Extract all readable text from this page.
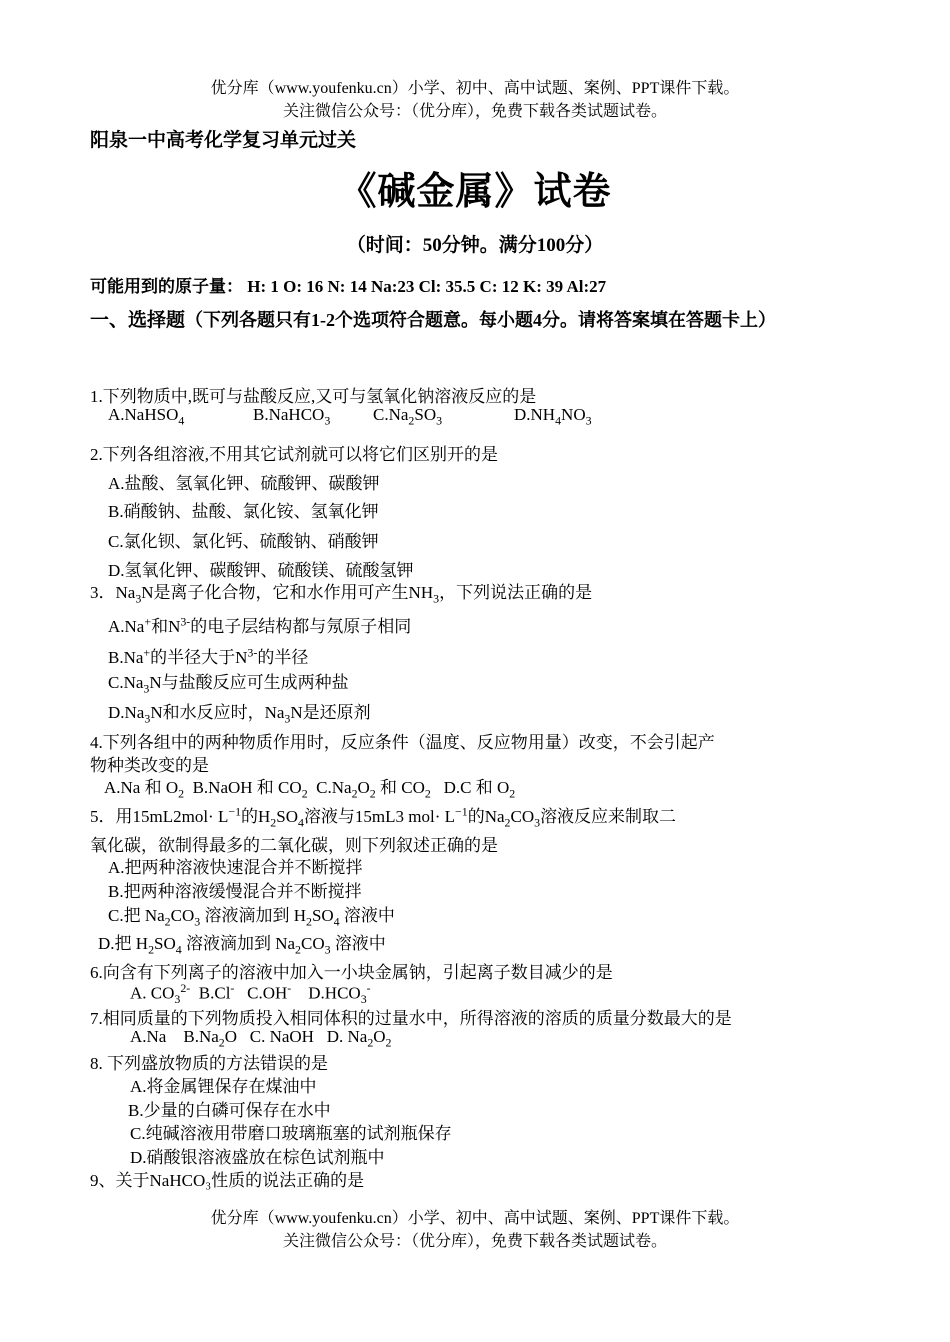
优分库（www.youfenku.cn）小学、初中、高中试题、案例、PPT课件下载。
关注微信公众号：（优分库），免费下载各类试题试卷。
阳泉一中高考化学复习单元过关
《碱金属》试卷
（时间：50分钟。满分100分）
可能用到的原子量： H: 1 O: 16 N: 14 Na:23 Cl: 35.5 C: 12 K: 39 Al:27
一、选择题（下列各题只有1-2个选项符合题意。每小题4分。请将答案填在答题卡上）
1.下列物质中,既可与盐酸反应,又可与氢氧化钠溶液反应的是
A.NaHSO$_4$	B.NaHCO$_3$	$C.Na_2SO_3$	$D.NH_4NO_3$
2.下列各组溶液,不用其它试剂就可以将它们区别开的是
A.盐酸、氢氧化钾、硫酸钾、碳酸钾
B.硝酸钠、盐酸、氯化铵、氢氧化钾
C.氯化钡、氯化钙、硫酸钠、硝酸钾
D.氢氧化钾、碳酸钾、硫酸镁、硫酸氢钾
3．$Na_3N$是离子化合物，它和水作用可产生$NH_3$，下列说法正确的是
A.Na+和$N^{3-}$的电子层结构都与氖原子相同
B.Na+的半径大于$N^{3-}$的半径
$C.Na_3N$与盐酸反应可生成两种盐
$D.Na_3N$和水反应时，$Na_3N$是还原剂
4.下列各组中的两种物质作用时，反应条件（温度、反应物用量）改变，不会引起产
物种类改变的是
A.Na 和 $O_2$  B.NaOH 和 $CO_2$  $C.Na_2O_2$ 和 $CO_2$   D.C 和 $O_2$
5．用$15mL2mol\cdot L^{-1}$的$H_2SO_4$溶液与15mL3 $mol\cdot L^{-1}$的$Na_2CO_3$溶液反应来制取二
氧化碳，欲制得最多的二氧化碳，则下列叙述正确的是
A.把两种溶液快速混合并不断搅拌
B.把两种溶液缓慢混合并不断搅拌
C.把 $Na_2CO_3$ 溶液滴加到 $H_2SO_4$ 溶液中
D.把 $H_2SO_4$ 溶液滴加到 $Na_2CO_3$ 溶液中
6.向含有下列离子的溶液中加入一小块金属钠，引起离子数目减少的是
A. $CO_3^{2-}$  B.Cl-   C.OH-    $D.HCO_3^-$
7.相同质量的下列物质投入相同体积的过量水中，所得溶液的溶质的质量分数最大的是
A.Na    $B.Na_2O$   C. NaOH   D. $Na_2O_2$
8. 下列盛放物质的方法错误的是
A.将金属锂保存在煤油中
B.少量的白磷可保存在水中
C.纯碱溶液用带磨口玻璃瓶塞的试剂瓶保存
D.硝酸银溶液盛放在棕色试剂瓶中
9、关于NaHCO₃性质的说法正确的是
优分库（www.youfenku.cn）小学、初中、高中试题、案例、PPT课件下载。
关注微信公众号：（优分库），免费下载各类试题试卷。
